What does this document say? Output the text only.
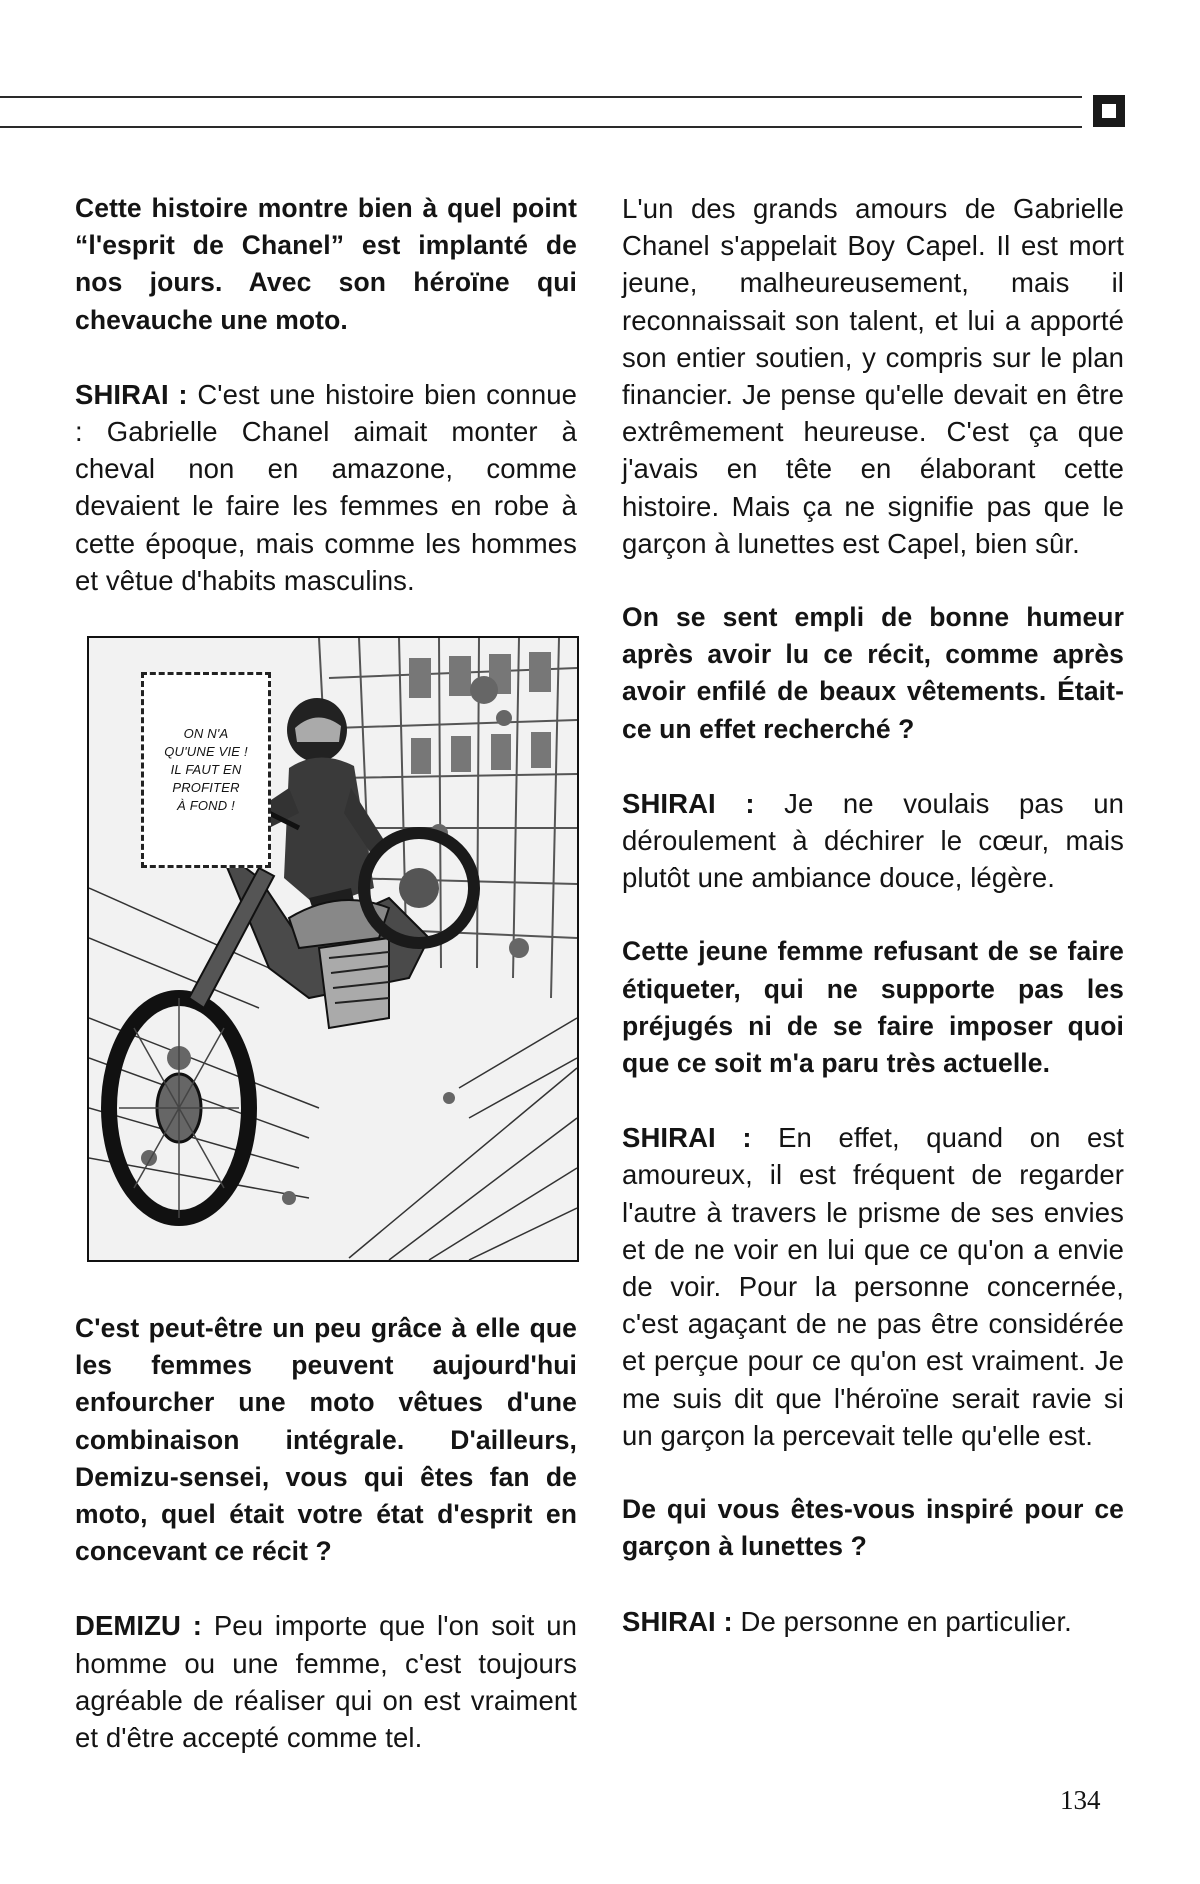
Cette histoire montre bien à quel point “l'esprit de Chanel” est implanté de nos jours. Avec son héroïne qui chevauche une moto.

SHIRAI : C'est une histoire bien connue : Gabrielle Chanel aimait monter à cheval non en amazone, comme devaient le faire les femmes en robe à cette époque, mais comme les hommes et vêtue d'habits masculins.

ON N'A
QU'UNE VIE !
IL FAUT EN
PROFITER
À FOND !

C'est peut-être un peu grâce à elle que les femmes peuvent aujourd'hui enfourcher une moto vêtues d'une combinaison intégrale. D'ailleurs, Demizu-sensei, vous qui êtes fan de moto, quel était votre état d'esprit en concevant ce récit ?

DEMIZU : Peu importe que l'on soit un homme ou une femme, c'est toujours agréable de réaliser qui on est vraiment et d'être accepté comme tel.

L'un des grands amours de Gabrielle Chanel s'appelait Boy Capel. Il est mort jeune, malheureusement, mais il reconnaissait son talent, et lui a apporté son entier soutien, y compris sur le plan financier. Je pense qu'elle devait en être extrêmement heureuse. C'est ça que j'avais en tête en élaborant cette histoire. Mais ça ne signifie pas que le garçon à lunettes est Capel, bien sûr.

On se sent empli de bonne humeur après avoir lu ce récit, comme après avoir enfilé de beaux vêtements. Était-ce un effet recherché ?

SHIRAI : Je ne voulais pas un déroulement à déchirer le cœur, mais plutôt une ambiance douce, légère.

Cette jeune femme refusant de se faire étiqueter, qui ne supporte pas les préjugés ni de se faire imposer quoi que ce soit m'a paru très actuelle.

SHIRAI : En effet, quand on est amoureux, il est fréquent de regarder l'autre à travers le prisme de ses envies et de ne voir en lui que ce qu'on a envie de voir. Pour la personne concernée, c'est agaçant de ne pas être considérée et perçue pour ce qu'on est vraiment. Je me suis dit que l'héroïne serait ravie si un garçon la percevait telle qu'elle est.

De qui vous êtes-vous inspiré pour ce garçon à lunettes ?

SHIRAI : De personne en particulier.

134
